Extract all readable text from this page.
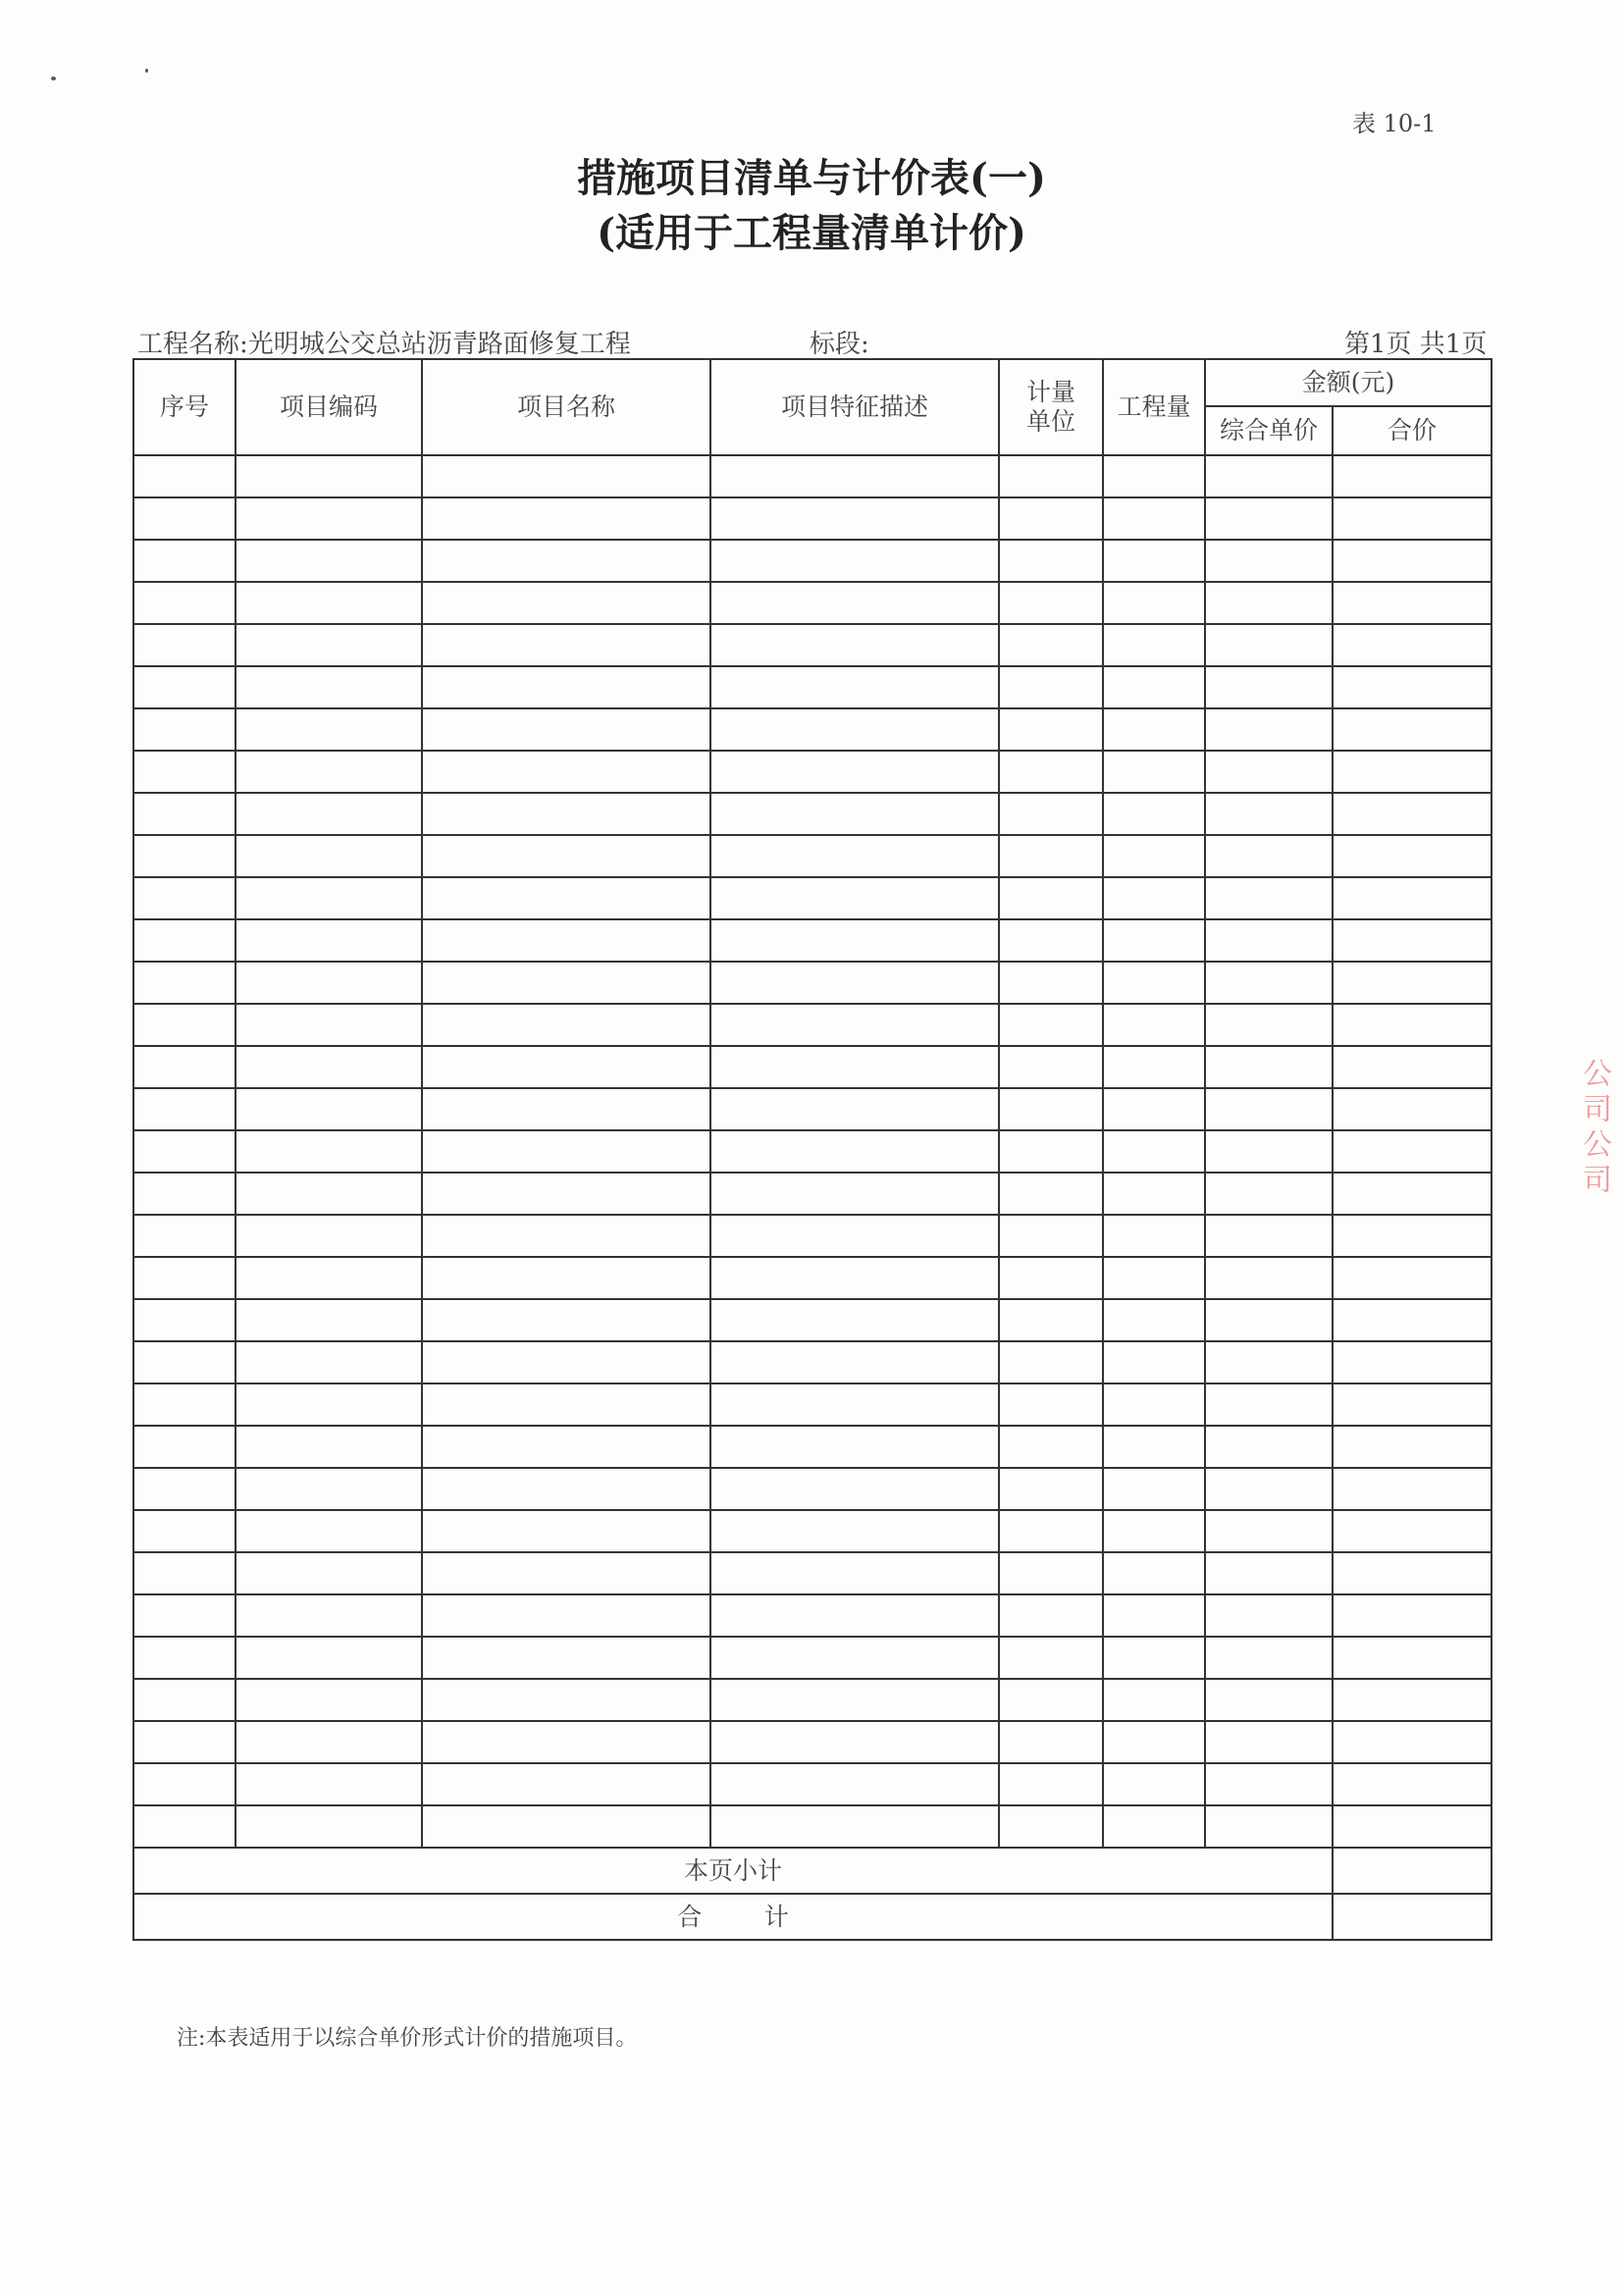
表 10-1
措施项目清单与计价表(一)
(适用于工程量清单计价)
工程名称:光明城公交总站沥青路面修复工程	标段:	第1页 共1页
公司公司
序号	项目编码	项目名称	项目特征描述	计量
单位	工程量	金额(元)	
						综合单价	合价

本页小计							
合        计							
注:本表适用于以综合单价形式计价的措施项目。
